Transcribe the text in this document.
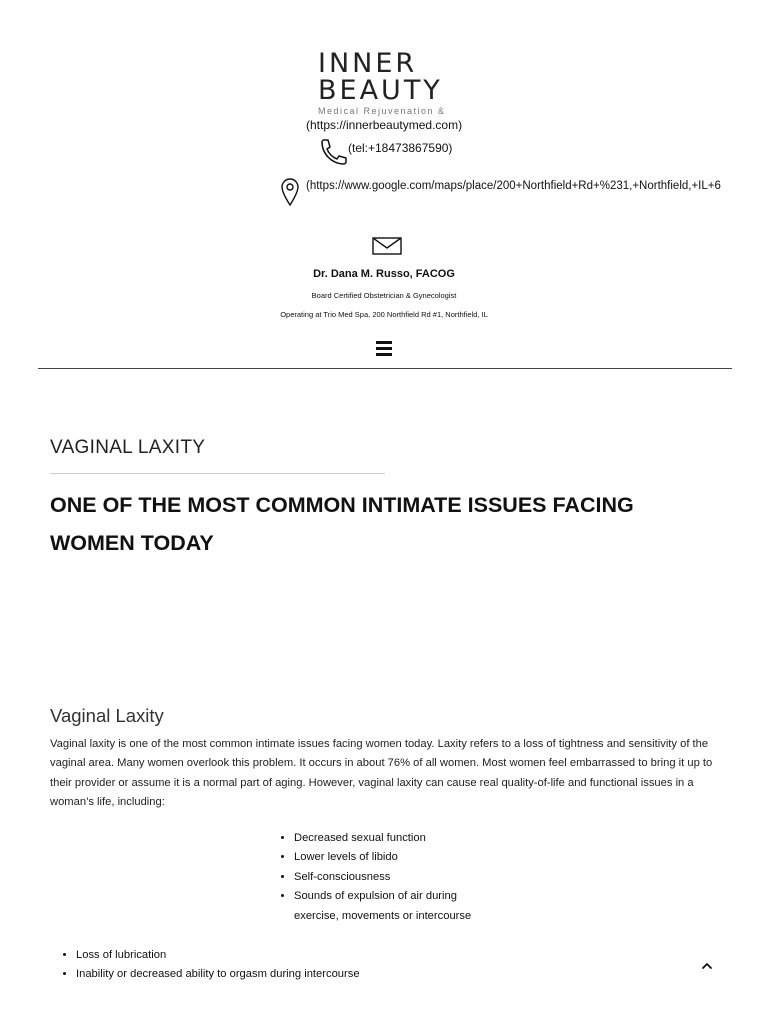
INNER
BEAUTY
Medical Rejuvenation &
(https://innerbeautymed.com)
(tel:+18473867590)
(https://www.google.com/maps/place/200+Northfield+Rd+%231,+Northfield,+IL+6
Dr. Dana M. Russo, FACOG
Board Certified Obstetrician & Gynecologist
Operating at Trio Med Spa, 200 Northfield Rd #1, Northfield, IL
VAGINAL LAXITY
ONE OF THE MOST COMMON INTIMATE ISSUES FACING WOMEN TODAY
Vaginal Laxity

Vaginal laxity is one of the most common intimate issues facing women today. Laxity refers to a loss of tightness and sensitivity of the vaginal area. Many women overlook this problem. It occurs in about 76% of all women. Most women feel embarrassed to bring it up to their provider or assume it is a normal part of aging. However, vaginal laxity can cause real quality-of-life and functional issues in a woman’s life, including:

• Decreased sexual function
• Lower levels of libido
• Self-consciousness
• Sounds of expulsion of air during exercise, movements or intercourse
• Loss of lubrication
• Inability or decreased ability to orgasm during intercourse
